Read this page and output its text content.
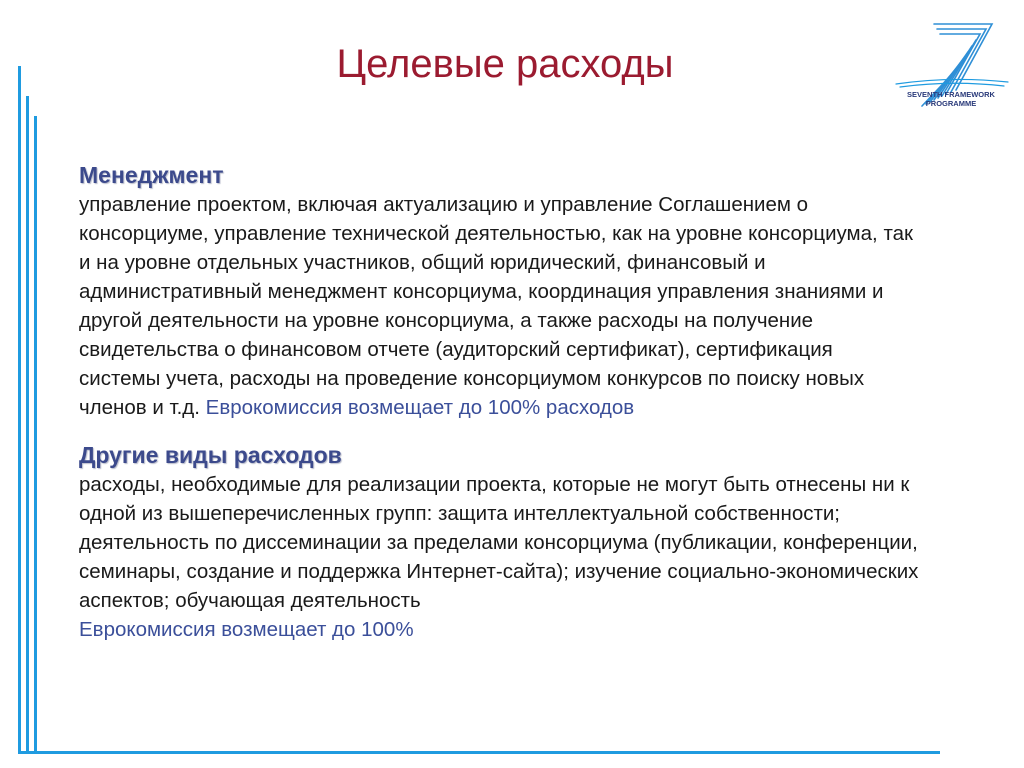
Целевые расходы
SEVENTH FRAMEWORK
PROGRAMME
Менеджмент

управление проектом, включая актуализацию и управление Соглашением о консорциуме, управление технической деятельностью, как на уровне консорциума, так и на уровне отдельных участников, общий юридический, финансовый и административный менеджмент консорциума, координация управления знаниями и другой деятельности на уровне консорциума, а также расходы на получение свидетельства о финансовом отчете (аудиторский сертификат), сертификация системы учета, расходы на проведение консорциумом конкурсов по поиску новых членов и т.д. Еврокомиссия возмещает до 100% расходов

Другие виды расходов

расходы, необходимые для реализации проекта, которые не могут быть отнесены ни к одной из вышеперечисленных групп: защита интеллектуальной собственности; деятельность по диссеминации за пределами консорциума (публикации, конференции, семинары, создание и поддержка Интернет-сайта); изучение социально-экономических аспектов; обучающая деятельность

Еврокомиссия возмещает до 100%
